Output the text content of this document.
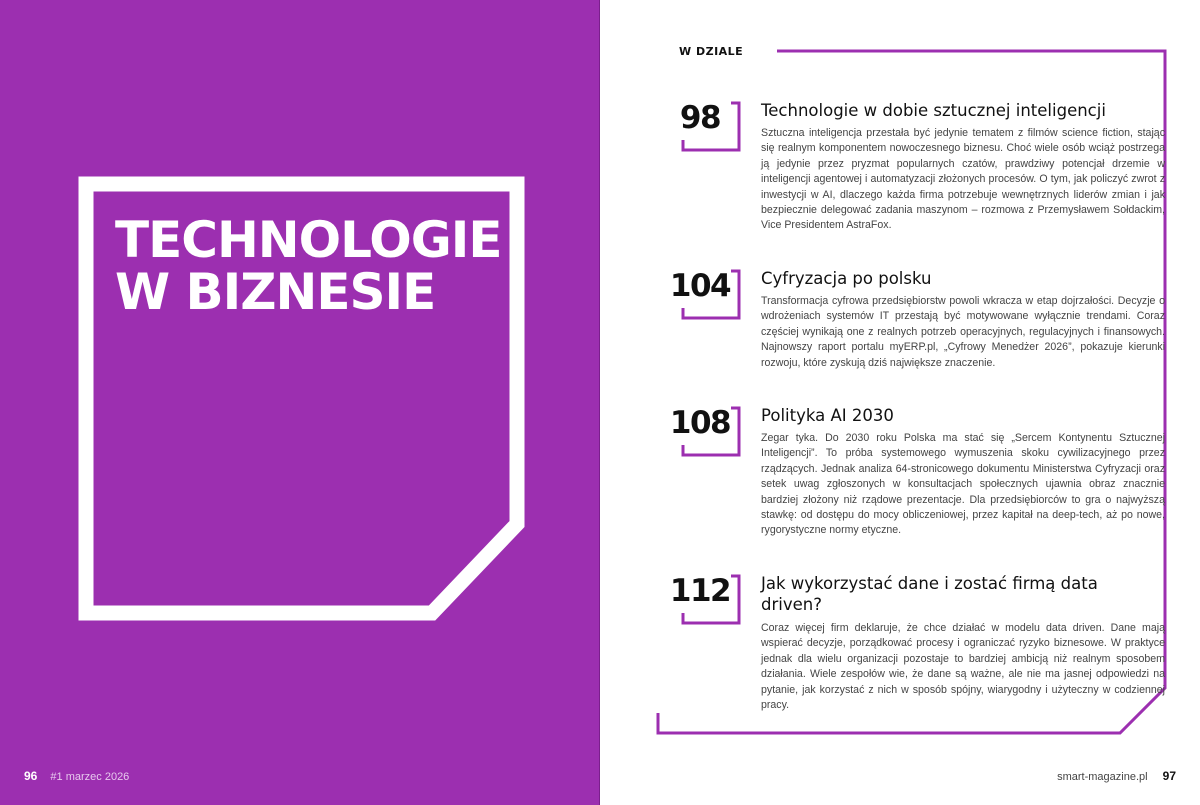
TECHNOLOGIE
W BIZNESIE
96 #1 marzec 2026
W DZIALE
98	Technologie w dobie sztucznej inteligencji
Sztuczna inteligencja przestała być jedynie tematem z filmów science fiction, stając się realnym komponentem nowoczesnego biznesu. Choć wiele osób wciąż postrzega ją jedynie przez pryzmat popularnych czatów, prawdziwy potencjał drzemie w inteligencji agentowej i automatyzacji złożonych procesów. O tym, jak policzyć zwrot z inwestycji w AI, dlaczego każda firma potrzebuje wewnętrznych liderów zmian i jak bezpiecznie delegować zadania maszynom – rozmowa z Przemysławem Sołdackim, Vice Presidentem AstraFox.
104	Cyfryzacja po polsku
Transformacja cyfrowa przedsiębiorstw powoli wkracza w etap dojrzałości. Decyzje o wdrożeniach systemów IT przestają być motywowane wyłącznie trendami. Coraz częściej wynikają one z realnych potrzeb operacyjnych, regulacyjnych i finansowych. Najnowszy raport portalu myERP.pl, „Cyfrowy Menedżer 2026”, pokazuje kierunki rozwoju, które zyskują dziś największe znaczenie.
108	Polityka AI 2030
Zegar tyka. Do 2030 roku Polska ma stać się „Sercem Kontynentu Sztucznej Inteligencji”. To próba systemowego wymuszenia skoku cywilizacyjnego przez rządzących. Jednak analiza 64-stronicowego dokumentu Ministerstwa Cyfryzacji oraz setek uwag zgłoszonych w konsultacjach społecznych ujawnia obraz znacznie bardziej złożony niż rządowe prezentacje. Dla przedsiębiorców to gra o najwyższą stawkę: od dostępu do mocy obliczeniowej, przez kapitał na deep-tech, aż po nowe, rygorystyczne normy etyczne.
112	Jak wykorzystać dane i zostać firmą data driven?
Coraz więcej firm deklaruje, że chce działać w modelu data driven. Dane mają wspierać decyzje, porządkować procesy i ograniczać ryzyko biznesowe. W praktyce jednak dla wielu organizacji pozostaje to bardziej ambicją niż realnym sposobem działania. Wiele zespołów wie, że dane są ważne, ale nie ma jasnej odpowiedzi na pytanie, jak korzystać z nich w sposób spójny, wiarygodny i użyteczny w codziennej pracy.
smart-magazine.pl 97
